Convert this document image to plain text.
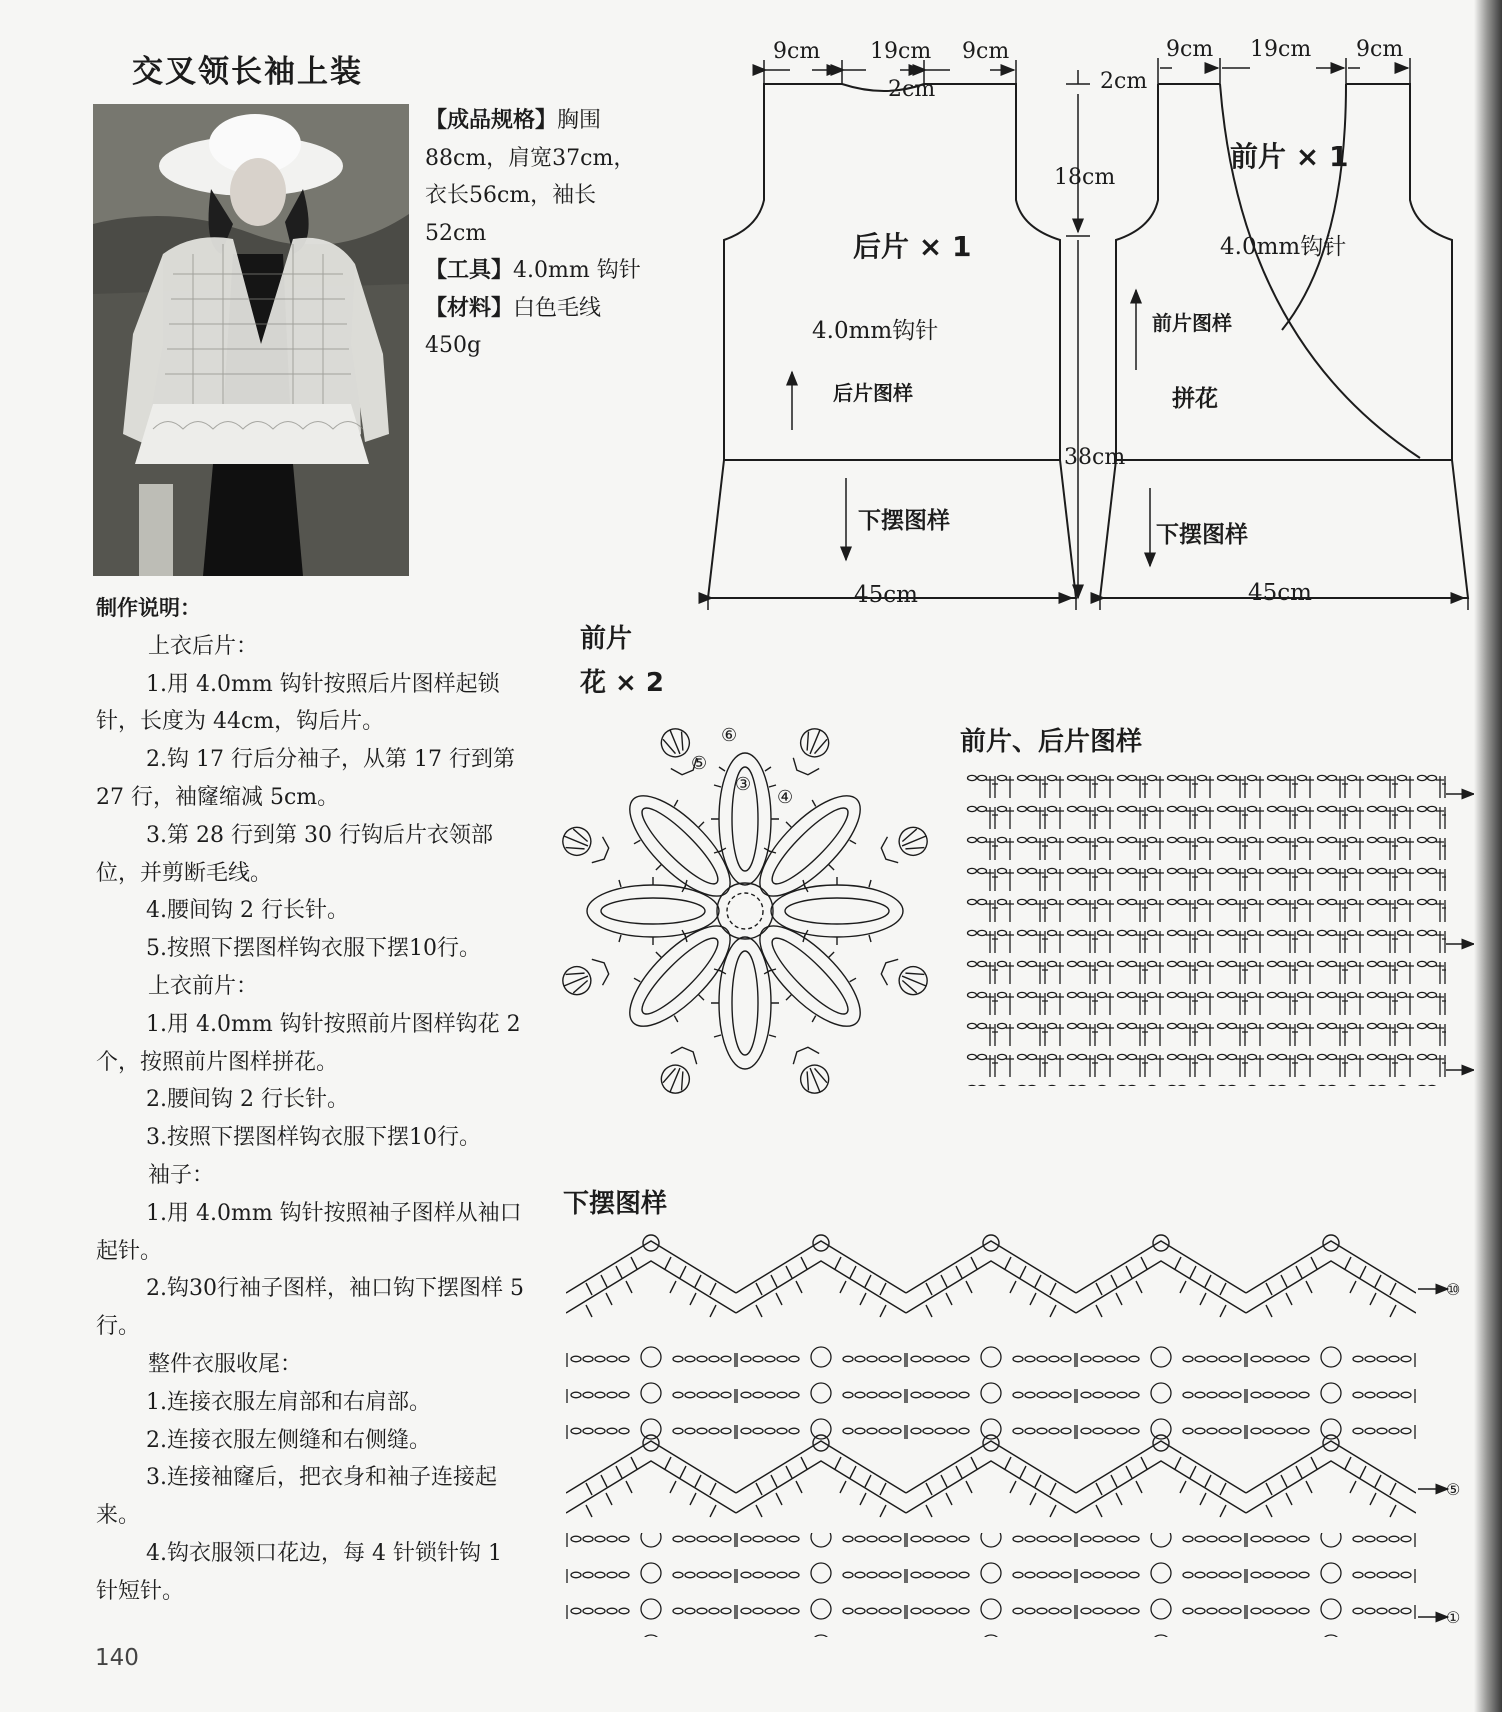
交叉领长袖上装
【成品规格】胸围88cm，肩宽37cm，衣长56cm，袖长52cm
【工具】4.0mm 钩针
【材料】白色毛线450g
制作说明：
上衣后片：
1.用 4.0mm 钩针按照后片图样起锁针，长度为 44cm，钩后片。
2.钩 17 行后分袖子，从第 17 行到第 27 行，袖窿缩减 5cm。
3.第 28 行到第 30 行钩后片衣领部位，并剪断毛线。
4.腰间钩 2 行长针。
5.按照下摆图样钩衣服下摆10行。
上衣前片：
1.用 4.0mm 钩针按照前片图样钩花 2 个，按照前片图样拼花。
2.腰间钩 2 行长针。
3.按照下摆图样钩衣服下摆10行。
袖子：
1.用 4.0mm 钩针按照袖子图样从袖口起针。
2.钩30行袖子图样，袖口钩下摆图样 5 行。
整件衣服收尾：
1.连接衣服左肩部和右肩部。
2.连接衣服左侧缝和右侧缝。
3.连接袖窿后，把衣身和袖子连接起来。
4.钩衣服领口花边，每 4 针锁针钩 1 针短针。
140
9cm 19cm 9cm
2cm
后片 × 1
4.0mm钩针
后片图样
下摆图样
45cm
2cm
18cm
38cm
9cm 19cm 9cm
前片 × 1
4.0mm钩针
前片图样
拼花
下摆图样
45cm
前片
花 × 2
③
④
⑤
⑥	前片、后片图样
下摆图样
⑩
⑤
①
